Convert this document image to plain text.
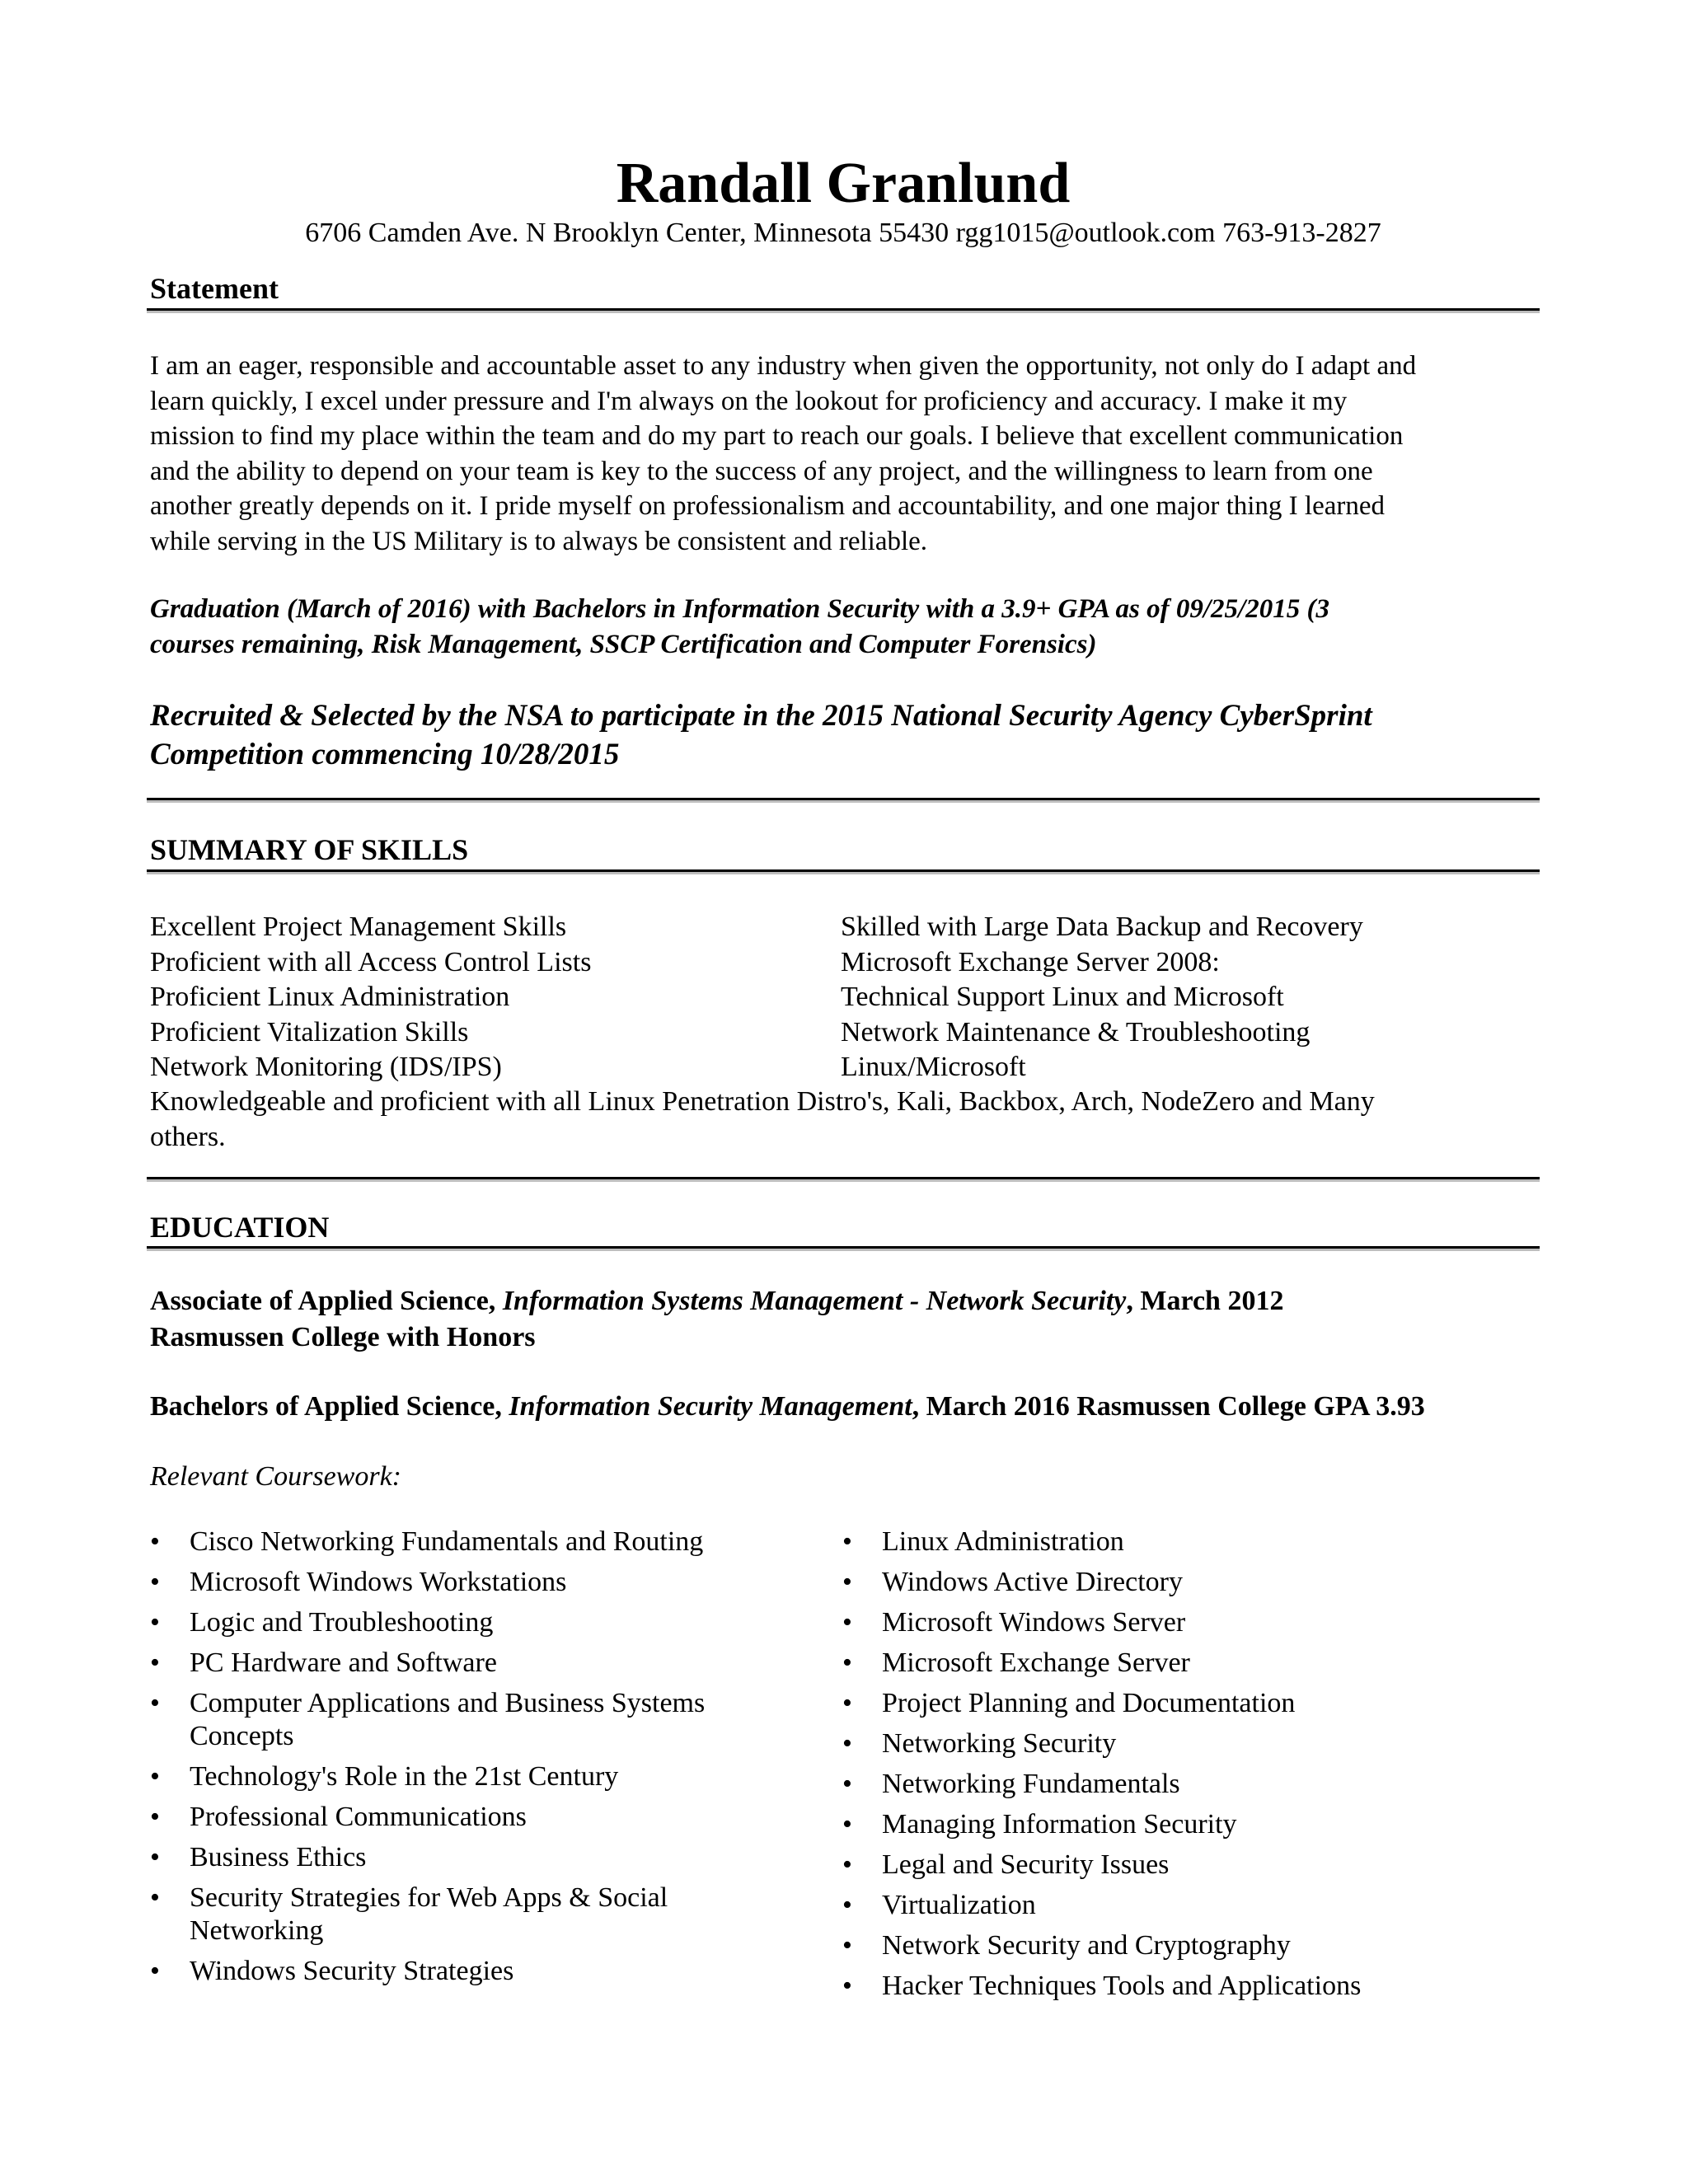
Randall Granlund
6706 Camden Ave. N Brooklyn Center, Minnesota 55430 rgg1015@outlook.com 763-913-2827
Statement
I am an eager, responsible and accountable asset to any industry when given the opportunity, not only do I adapt and
learn quickly, I excel under pressure and I'm always on the lookout for proficiency and accuracy. I make it my
mission to find my place within the team and do my part to reach our goals. I believe that excellent communication
and the ability to depend on your team is key to the success of any project, and the willingness to learn from one
another greatly depends on it. I pride myself on professionalism and accountability, and one major thing I learned
while serving in the US Military is to always be consistent and reliable.
Graduation (March of 2016) with Bachelors in Information Security with a 3.9+ GPA as of 09/25/2015 (3
courses remaining, Risk Management, SSCP Certification and Computer Forensics)
Recruited & Selected by the NSA to participate in the 2015 National Security Agency CyberSprint
Competition commencing 10/28/2015
SUMMARY OF SKILLS
Excellent Project Management Skills
Proficient with all Access Control Lists
Proficient Linux Administration
Proficient Vitalization Skills
Network Monitoring (IDS/IPS)
Skilled with Large Data Backup and Recovery
Microsoft Exchange Server 2008:
Technical Support Linux and Microsoft
Network Maintenance & Troubleshooting
Linux/Microsoft
Knowledgeable and proficient with all Linux Penetration Distro's, Kali, Backbox, Arch, NodeZero and Many
others.
EDUCATION
Associate of Applied Science, Information Systems Management - Network Security, March 2012
Rasmussen College with Honors
Bachelors of Applied Science, Information Security Management, March 2016 Rasmussen College GPA 3.93
Relevant Coursework:
• Cisco Networking Fundamentals and Routing
• Microsoft Windows Workstations
• Logic and Troubleshooting
• PC Hardware and Software
• Computer Applications and Business Systems Concepts
• Technology's Role in the 21st Century
• Professional Communications
• Business Ethics
• Security Strategies for Web Apps & Social Networking
• Windows Security Strategies
• Linux Administration
• Windows Active Directory
• Microsoft Windows Server
• Microsoft Exchange Server
• Project Planning and Documentation
• Networking Security
• Networking Fundamentals
• Managing Information Security
• Legal and Security Issues
• Virtualization
• Network Security and Cryptography
• Hacker Techniques Tools and Applications
